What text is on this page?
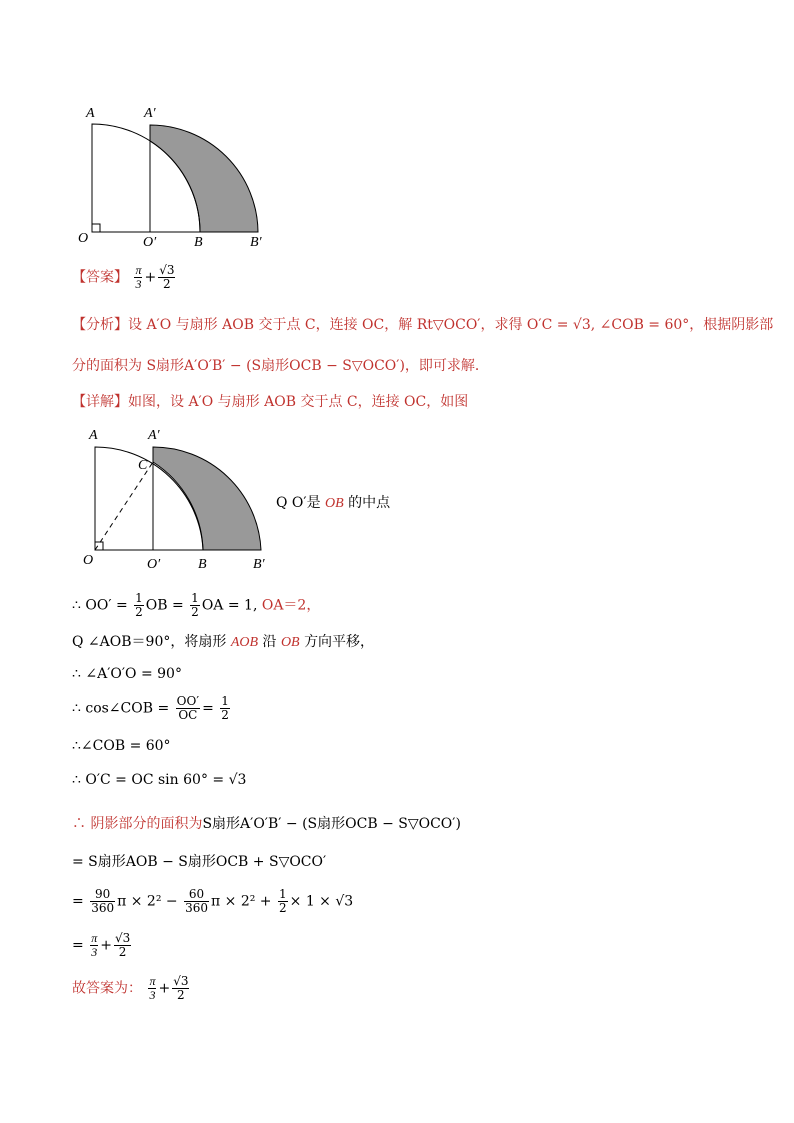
A	A′
O	O′	B	B′
【答案】 $\frac{\pi}{3} + \frac{√3}{2}$
【分析】设 A′O 与扇形 AOB 交于点 C，连接 OC，解 Rt▽OCO′，求得 O′C = √3, ∠COB = 60°，根据阴影部
分的面积为 S扇形A′O′B′ − (S扇形OCB − S▽OCO′)，即可求解．
【详解】如图，设 A′O 与扇形 AOB 交于点 C，连接 OC，如图
A	A′
C
O	O′	B	B′
Q O′是 OB 的中点
∴ $OO' = \frac{1}{2}$ OB = $\frac{1}{2}$ OA = 1, OA＝2，
Q ∠AOB＝90°，将扇形 AOB 沿 OB 方向平移，
∴ ∠A′O′O = 90°
∴ cos∠COB = $\frac{OO'}{OC} = \frac{1}{2}$
∴∠COB = 60°
∴ O′C = OC sin 60° = √3
∴ 阴影部分的面积为S扇形A′O′B′ − (S扇形OCB − S▽OCO′)
= S扇形AOB − S扇形OCB + S▽OCO′
= $\frac{90}{360}$ $\pi \times 2^2 - \frac{60}{360}$ $\pi \times 2^2 + \frac{1}{2} \times 1 \times √3$
= $\frac{\pi}{3} + \frac{√3}{2}$
故答案为： $\frac{\pi}{3} + \frac{√3}{2}$
